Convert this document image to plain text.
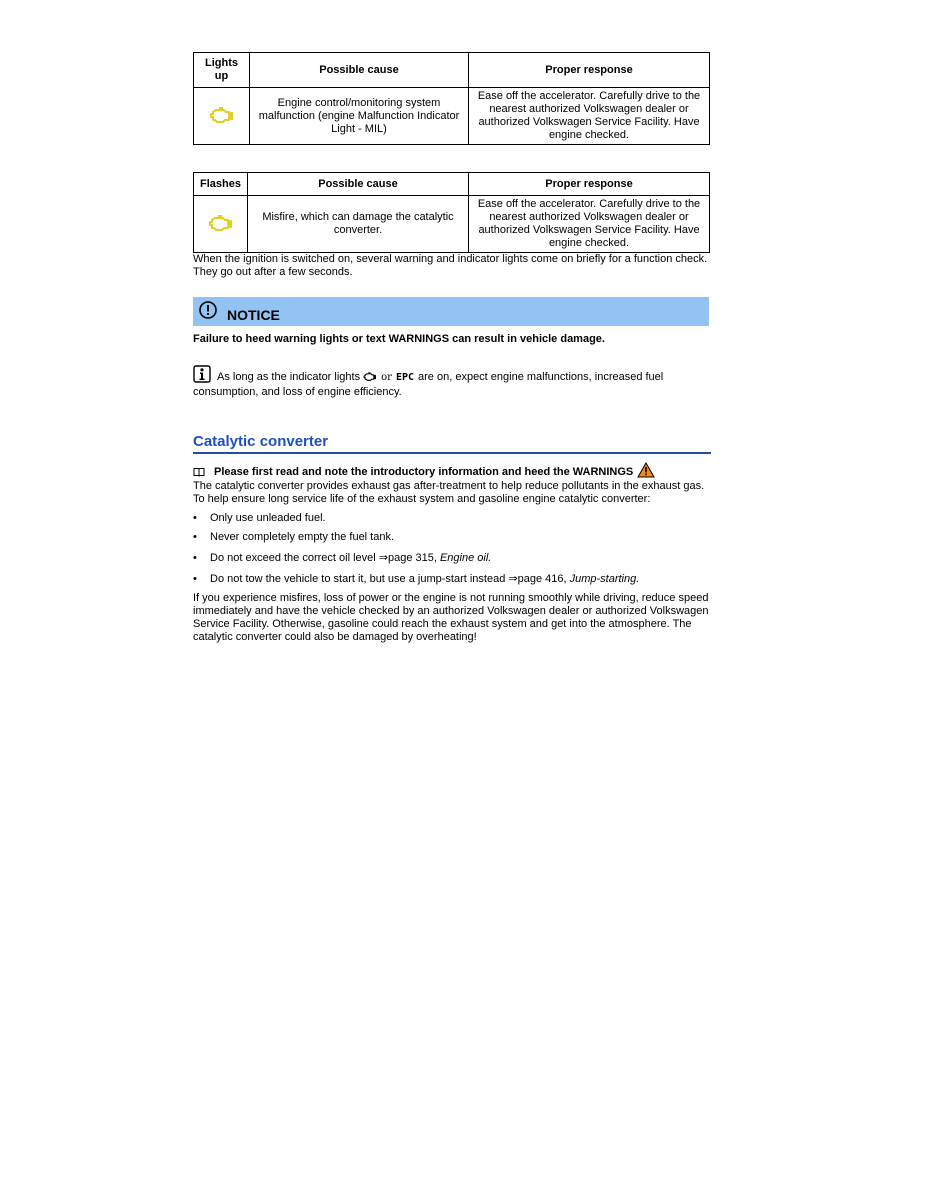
Lights up	Possible cause	Proper response
	Engine control/monitoring system malfunction (engine Malfunction Indicator Light - MIL)	Ease off the accelerator. Carefully drive to the nearest authorized Volkswagen dealer or authorized Volkswagen Service Facility. Have engine checked.
Flashes	Possible cause	Proper response
	Misfire, which can damage the catalytic converter.	Ease off the accelerator. Carefully drive to the nearest authorized Volkswagen dealer or authorized Volkswagen Service Facility. Have engine checked.

When the ignition is switched on, several warning and indicator lights come on briefly for a function check. They go out after a few seconds.

NOTICE

Failure to heed warning lights or text WARNINGS can result in vehicle damage.

As long as the indicator lights or EPC are on, expect engine malfunctions, increased fuel consumption, and loss of engine efficiency.

Catalytic converter
Please first read and note the introductory information and heed the WARNINGS

The catalytic converter provides exhaust gas after-treatment to help reduce pollutants in the exhaust gas. To help ensure long service life of the exhaust system and gasoline engine catalytic converter:

• Only use unleaded fuel.
• Never completely empty the fuel tank.
• Do not exceed the correct oil level ⇒page 315, Engine oil.
• Do not tow the vehicle to start it, but use a jump-start instead ⇒page 416, Jump-starting.

If you experience misfires, loss of power or the engine is not running smoothly while driving, reduce speed immediately and have the vehicle checked by an authorized Volkswagen dealer or authorized Volkswagen Service Facility. Otherwise, gasoline could reach the exhaust system and get into the atmosphere. The catalytic converter could also be damaged by overheating!
